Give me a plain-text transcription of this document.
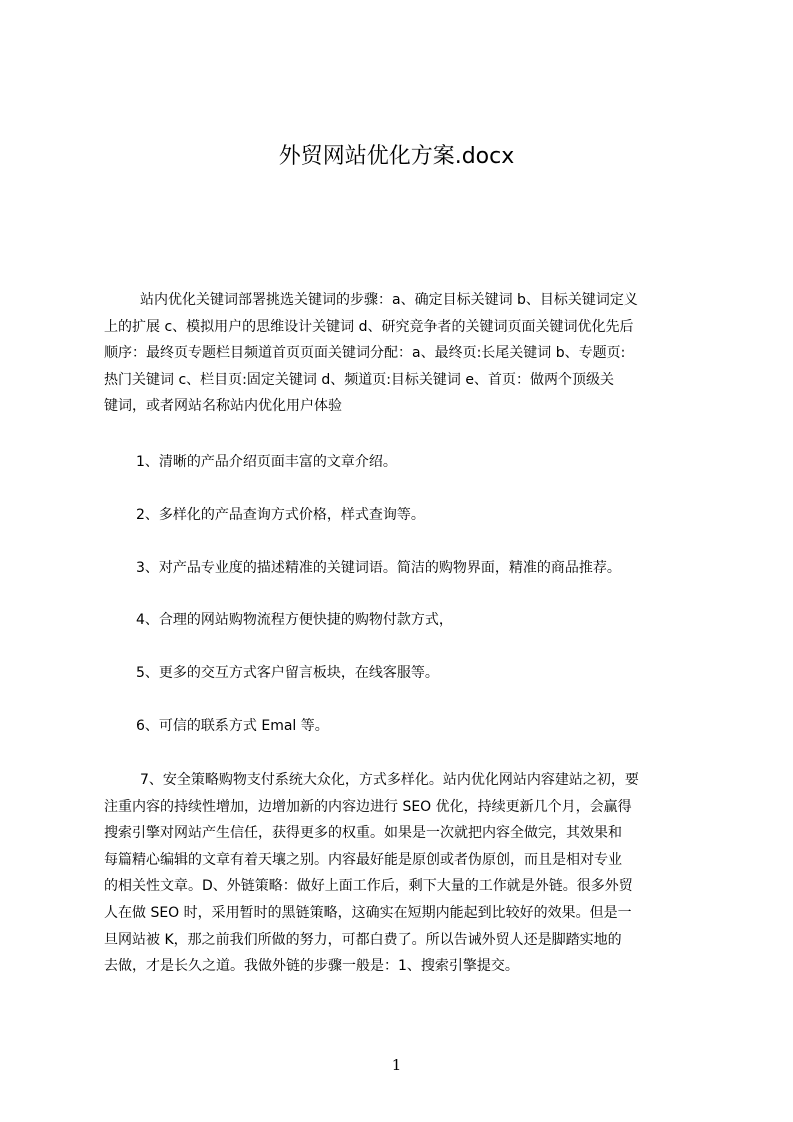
外贸网站优化方案.docx
站内优化关键词部署挑选关键词的步骤：a、确定目标关键词 b、目标关键词定义
上的扩展 c、模拟用户的思维设计关键词 d、研究竞争者的关键词页面关键词优化先后
顺序：最终页专题栏目频道首页页面关键词分配：a、最终页:长尾关键词 b、专题页:
热门关键词 c、栏目页:固定关键词 d、频道页:目标关键词 e、首页：做两个顶级关
键词，或者网站名称站内优化用户体验

1、清晰的产品介绍页面丰富的文章介绍。

2、多样化的产品查询方式价格，样式查询等。

3、对产品专业度的描述精准的关键词语。简洁的购物界面，精准的商品推荐。

4、合理的网站购物流程方便快捷的购物付款方式，

5、更多的交互方式客户留言板块，在线客服等。

6、可信的联系方式 Emal 等。

7、安全策略购物支付系统大众化，方式多样化。站内优化网站内容建站之初，要
注重内容的持续性增加，边增加新的内容边进行 SEO 优化，持续更新几个月，会赢得
搜索引擎对网站产生信任，获得更多的权重。如果是一次就把内容全做完，其效果和
每篇精心编辑的文章有着天壤之别。内容最好能是原创或者伪原创，而且是相对专业
的相关性文章。D、外链策略：做好上面工作后，剩下大量的工作就是外链。很多外贸
人在做 SEO 时，采用暂时的黑链策略，这确实在短期内能起到比较好的效果。但是一
旦网站被 K，那之前我们所做的努力，可都白费了。所以告诫外贸人还是脚踏实地的
去做，才是长久之道。我做外链的步骤一般是：1、搜索引擎提交。
1
